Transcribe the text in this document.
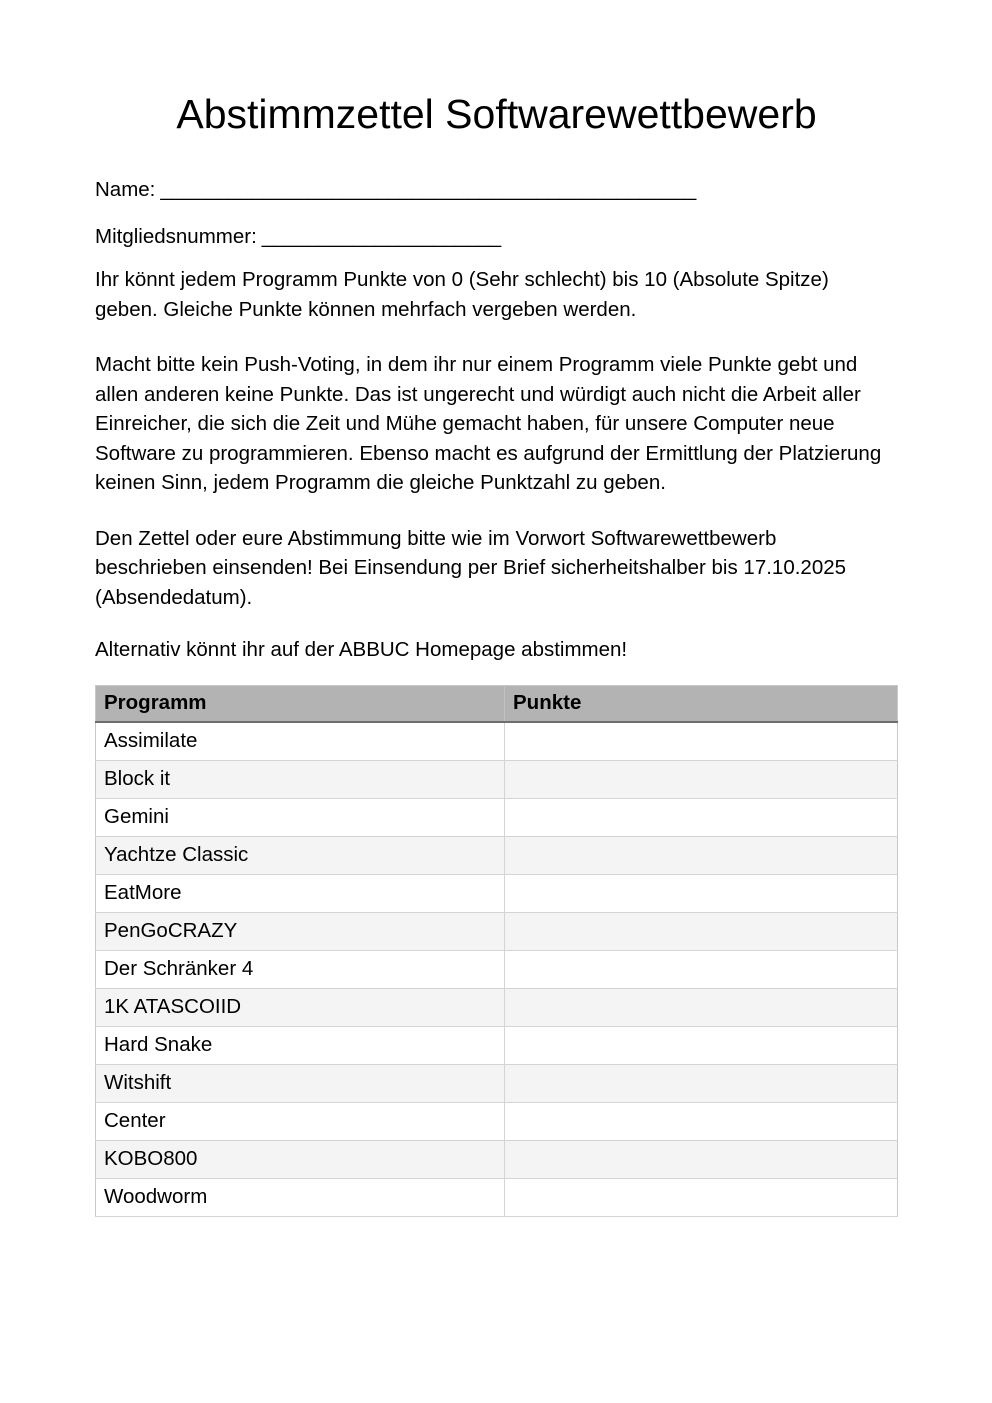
Abstimmzettel Softwarewettbewerb
Name: _______________________________________________
Mitgliedsnummer: _____________________

Ihr könnt jedem Programm Punkte von 0 (Sehr schlecht) bis 10 (Absolute Spitze) geben. Gleiche Punkte können mehrfach vergeben werden.

Macht bitte kein Push-Voting, in dem ihr nur einem Programm viele Punkte gebt und allen anderen keine Punkte. Das ist ungerecht und würdigt auch nicht die Arbeit aller Einreicher, die sich die Zeit und Mühe gemacht haben, für unsere Computer neue Software zu programmieren. Ebenso macht es aufgrund der Ermittlung der Platzierung keinen Sinn, jedem Programm die gleiche Punktzahl zu geben.

Den Zettel oder eure Abstimmung bitte wie im Vorwort Softwarewettbewerb beschrieben einsenden! Bei Einsendung per Brief sicherheitshalber bis 17.10.2025 (Absendedatum).

Alternativ könnt ihr auf der ABBUC Homepage abstimmen!

Programm	Punkte
Assimilate	
Block it	
Gemini	
Yachtze Classic	
EatMore	
PenGoCRAZY	
Der Schränker 4	
1K ATASCOIID	
Hard Snake	
Witshift	
Center	
KOBO800	
Woodworm	
